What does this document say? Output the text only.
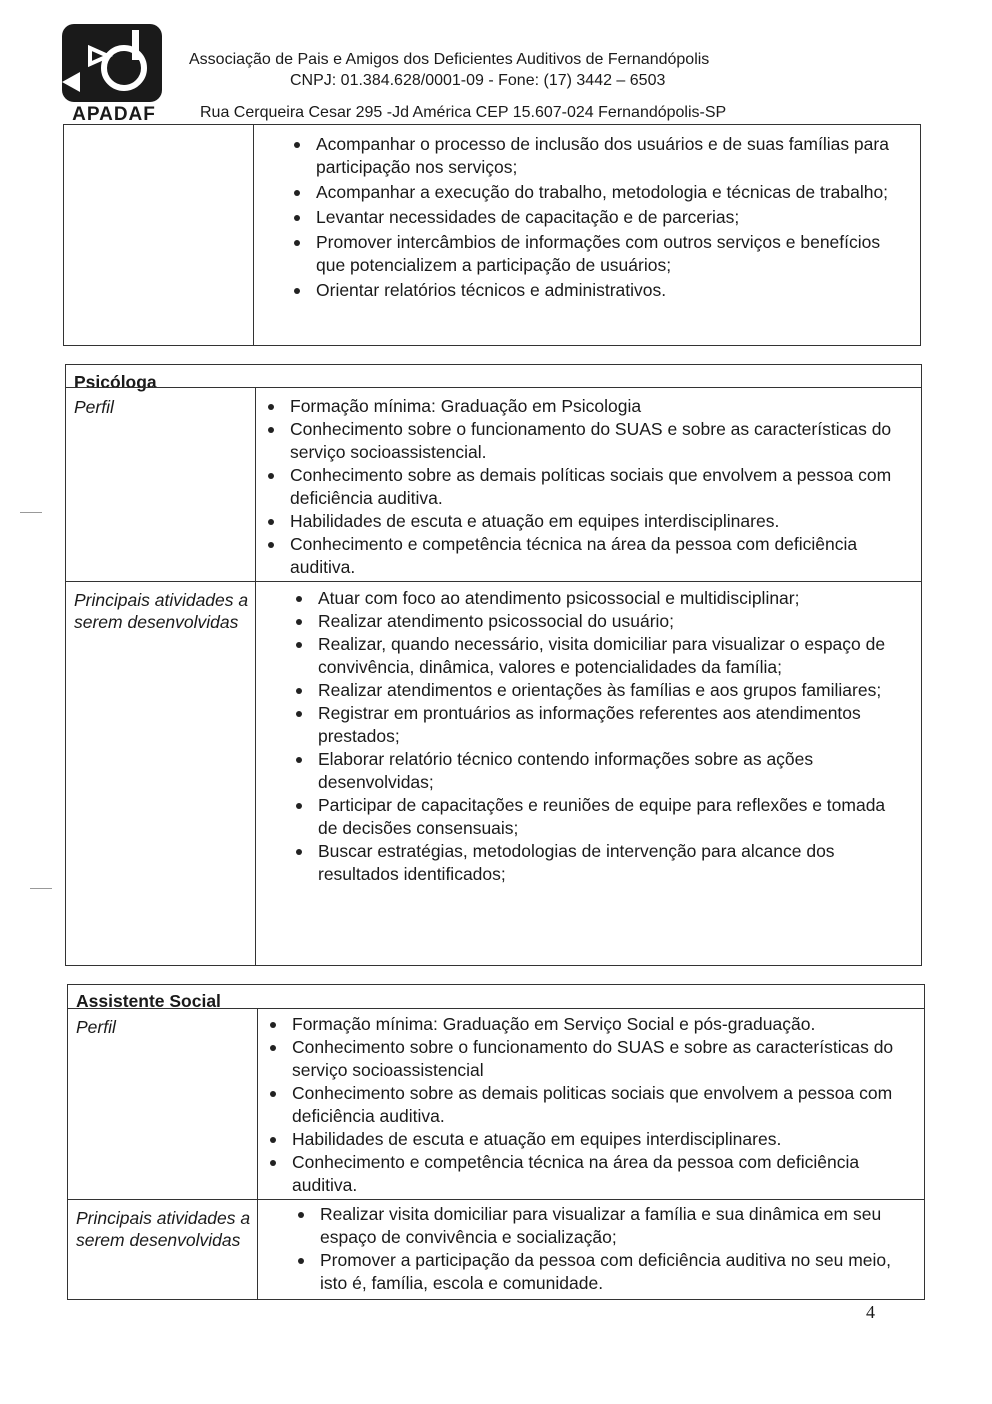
APADAF
Associação de Pais e Amigos dos Deficientes Auditivos de Fernandópolis
CNPJ: 01.384.628/0001-09 - Fone: (17) 3442 – 6503
Rua Cerqueira Cesar 295 -Jd América CEP 15.607-024 Fernandópolis-SP
Acompanhar o processo de inclusão dos usuários e de suas famílias para participação nos serviços;
Acompanhar a execução do trabalho, metodologia e técnicas de trabalho;
Levantar necessidades de capacitação e de parcerias;
Promover intercâmbios de informações com outros serviços e benefícios que potencializem a participação de usuários;
Orientar relatórios técnicos e administrativos.
Psicóloga
Perfil	Formação mínima: Graduação em Psicologia
Conhecimento sobre o funcionamento do SUAS e sobre as características do serviço socioassistencial.
Conhecimento sobre as demais políticas sociais que envolvem a pessoa com deficiência auditiva.
Habilidades de escuta e atuação em equipes interdisciplinares.
Conhecimento e competência técnica na área da pessoa com deficiência auditiva.
Principais atividades a serem desenvolvidas
Atuar com foco ao atendimento psicossocial e multidisciplinar;
Realizar atendimento psicossocial do usuário;
Realizar, quando necessário, visita domiciliar para visualizar o espaço de convivência, dinâmica, valores e potencialidades da família;
Realizar atendimentos e orientações às famílias e aos grupos familiares;
Registrar em prontuários as informações referentes aos atendimentos prestados;
Elaborar relatório técnico contendo informações sobre as ações desenvolvidas;
Participar de capacitações e reuniões de equipe para reflexões e tomada de decisões consensuais;
Buscar estratégias, metodologias de intervenção para alcance dos resultados identificados;
Assistente Social
Perfil	Formação mínima: Graduação em Serviço Social e pós-graduação.
Conhecimento sobre o funcionamento do SUAS e sobre as características do serviço socioassistencial
Conhecimento sobre as demais politicas sociais que envolvem a pessoa com deficiência auditiva.
Habilidades de escuta e atuação em equipes interdisciplinares.
Conhecimento e competência técnica na área da pessoa com deficiência auditiva.
Principais atividades a serem desenvolvidas
Realizar visita domiciliar para visualizar a família e sua dinâmica em seu espaço de convivência e socialização;
Promover a participação da pessoa com deficiência auditiva no seu meio, isto é, família, escola e comunidade.
4
